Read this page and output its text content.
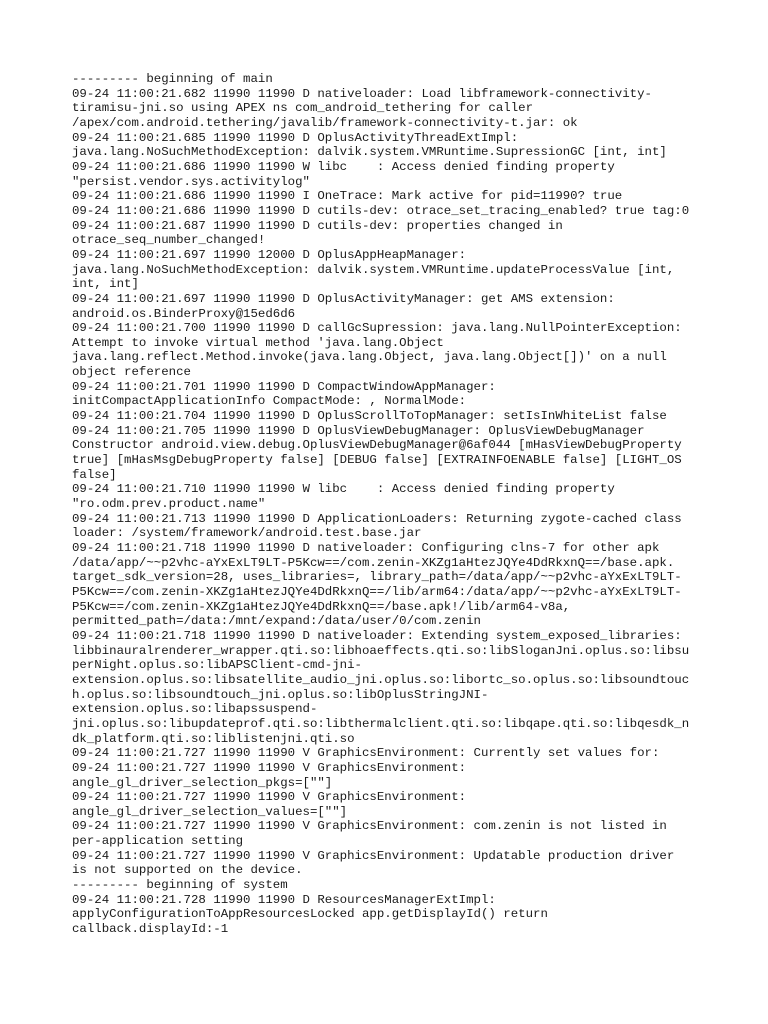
--------- beginning of main
09-24 11:00:21.682 11990 11990 D nativeloader: Load libframework-connectivity-
tiramisu-jni.so using APEX ns com_android_tethering for caller
/apex/com.android.tethering/javalib/framework-connectivity-t.jar: ok
09-24 11:00:21.685 11990 11990 D OplusActivityThreadExtImpl:
java.lang.NoSuchMethodException: dalvik.system.VMRuntime.SupressionGC [int, int]
09-24 11:00:21.686 11990 11990 W libc    : Access denied finding property
"persist.vendor.sys.activitylog"
09-24 11:00:21.686 11990 11990 I OneTrace: Mark active for pid=11990? true
09-24 11:00:21.686 11990 11990 D cutils-dev: otrace_set_tracing_enabled? true tag:0
09-24 11:00:21.687 11990 11990 D cutils-dev: properties changed in
otrace_seq_number_changed!
09-24 11:00:21.697 11990 12000 D OplusAppHeapManager:
java.lang.NoSuchMethodException: dalvik.system.VMRuntime.updateProcessValue [int,
int, int]
09-24 11:00:21.697 11990 11990 D OplusActivityManager: get AMS extension:
android.os.BinderProxy@15ed6d6
09-24 11:00:21.700 11990 11990 D callGcSupression: java.lang.NullPointerException:
Attempt to invoke virtual method 'java.lang.Object
java.lang.reflect.Method.invoke(java.lang.Object, java.lang.Object[])' on a null
object reference
09-24 11:00:21.701 11990 11990 D CompactWindowAppManager:
initCompactApplicationInfo CompactMode: , NormalMode:
09-24 11:00:21.704 11990 11990 D OplusScrollToTopManager: setIsInWhiteList false
09-24 11:00:21.705 11990 11990 D OplusViewDebugManager: OplusViewDebugManager
Constructor android.view.debug.OplusViewDebugManager@6af044 [mHasViewDebugProperty
true] [mHasMsgDebugProperty false] [DEBUG false] [EXTRAINFOENABLE false] [LIGHT_OS
false]
09-24 11:00:21.710 11990 11990 W libc    : Access denied finding property
"ro.odm.prev.product.name"
09-24 11:00:21.713 11990 11990 D ApplicationLoaders: Returning zygote-cached class
loader: /system/framework/android.test.base.jar
09-24 11:00:21.718 11990 11990 D nativeloader: Configuring clns-7 for other apk
/data/app/~~p2vhc-aYxExLT9LT-P5Kcw==/com.zenin-XKZg1aHtezJQYe4DdRkxnQ==/base.apk.
target_sdk_version=28, uses_libraries=, library_path=/data/app/~~p2vhc-aYxExLT9LT-
P5Kcw==/com.zenin-XKZg1aHtezJQYe4DdRkxnQ==/lib/arm64:/data/app/~~p2vhc-aYxExLT9LT-
P5Kcw==/com.zenin-XKZg1aHtezJQYe4DdRkxnQ==/base.apk!/lib/arm64-v8a,
permitted_path=/data:/mnt/expand:/data/user/0/com.zenin
09-24 11:00:21.718 11990 11990 D nativeloader: Extending system_exposed_libraries:
libbinauralrenderer_wrapper.qti.so:libhoaeffects.qti.so:libSloganJni.oplus.so:libsu
perNight.oplus.so:libAPSClient-cmd-jni-
extension.oplus.so:libsatellite_audio_jni.oplus.so:libortc_so.oplus.so:libsoundtouc
h.oplus.so:libsoundtouch_jni.oplus.so:libOplusStringJNI-
extension.oplus.so:libapssuspend-
jni.oplus.so:libupdateprof.qti.so:libthermalclient.qti.so:libqape.qti.so:libqesdk_n
dk_platform.qti.so:liblistenjni.qti.so
09-24 11:00:21.727 11990 11990 V GraphicsEnvironment: Currently set values for:
09-24 11:00:21.727 11990 11990 V GraphicsEnvironment:
angle_gl_driver_selection_pkgs=[""]
09-24 11:00:21.727 11990 11990 V GraphicsEnvironment:
angle_gl_driver_selection_values=[""]
09-24 11:00:21.727 11990 11990 V GraphicsEnvironment: com.zenin is not listed in
per-application setting
09-24 11:00:21.727 11990 11990 V GraphicsEnvironment: Updatable production driver
is not supported on the device.
--------- beginning of system
09-24 11:00:21.728 11990 11990 D ResourcesManagerExtImpl:
applyConfigurationToAppResourcesLocked app.getDisplayId() return
callback.displayId:-1
